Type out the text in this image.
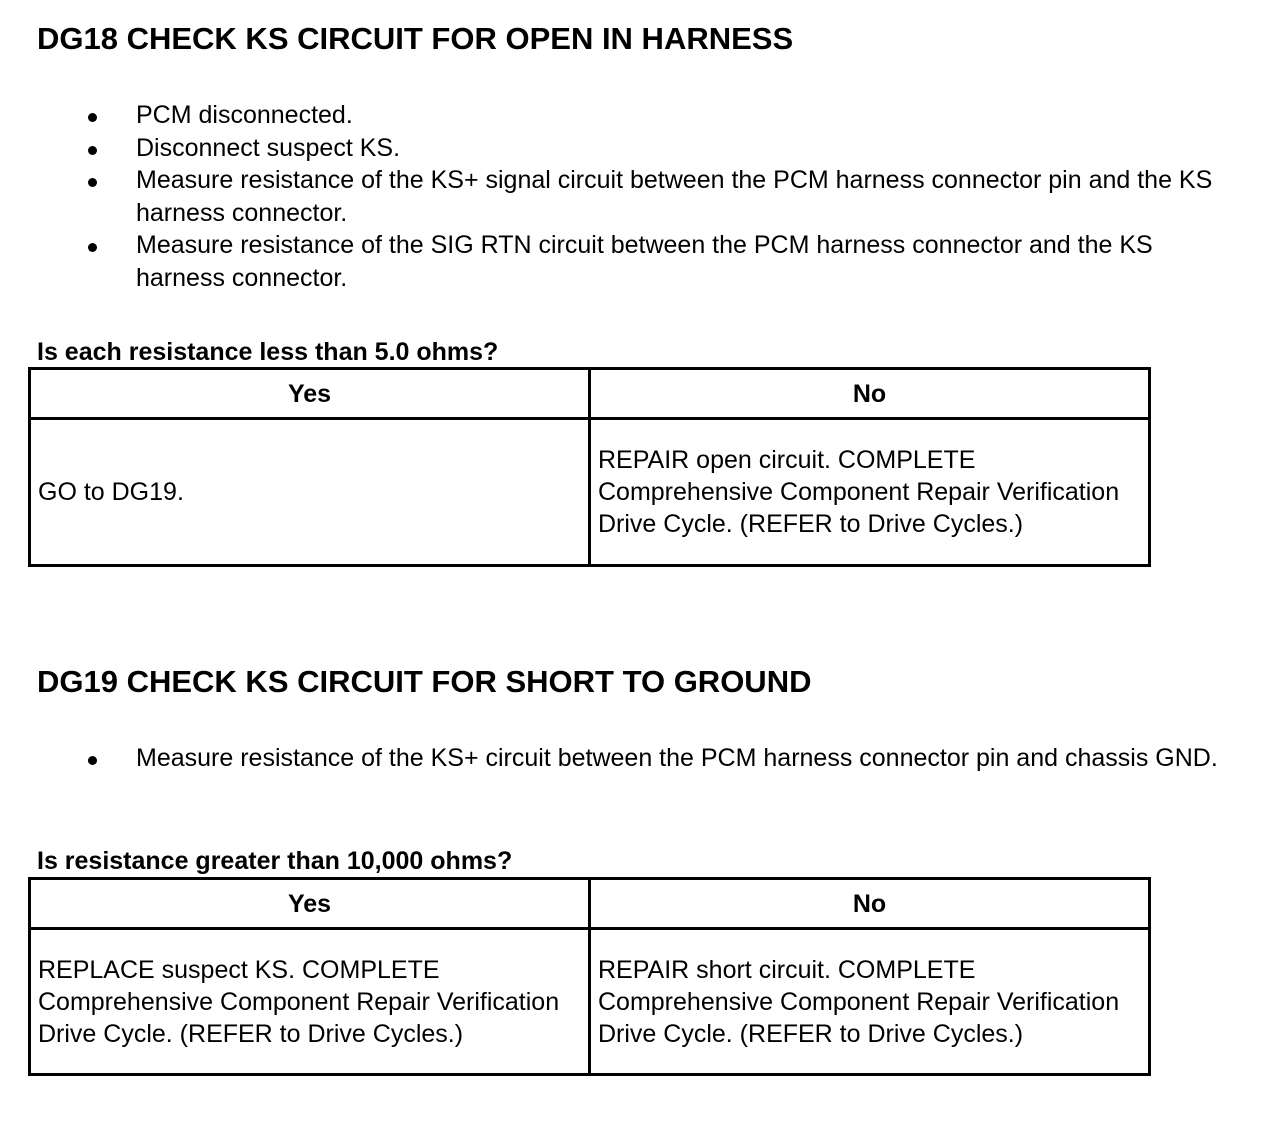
DG18 CHECK KS CIRCUIT FOR OPEN IN HARNESS
PCM disconnected.
Disconnect suspect KS.
Measure resistance of the KS+ signal circuit between the PCM harness connector pin and the KS harness connector.
Measure resistance of the SIG RTN circuit between the PCM harness connector and the KS harness connector.

Is each resistance less than 5.0 ohms?

Yes	No
GO to DG19.	REPAIR open circuit. COMPLETE Comprehensive Component Repair Verification Drive Cycle. (REFER to Drive Cycles.)
DG19 CHECK KS CIRCUIT FOR SHORT TO GROUND
Measure resistance of the KS+ circuit between the PCM harness connector pin and chassis GND.

Is resistance greater than 10,000 ohms?

Yes	No
REPLACE suspect KS. COMPLETE Comprehensive Component Repair Verification Drive Cycle. (REFER to Drive Cycles.)	REPAIR short circuit. COMPLETE Comprehensive Component Repair Verification Drive Cycle. (REFER to Drive Cycles.)
